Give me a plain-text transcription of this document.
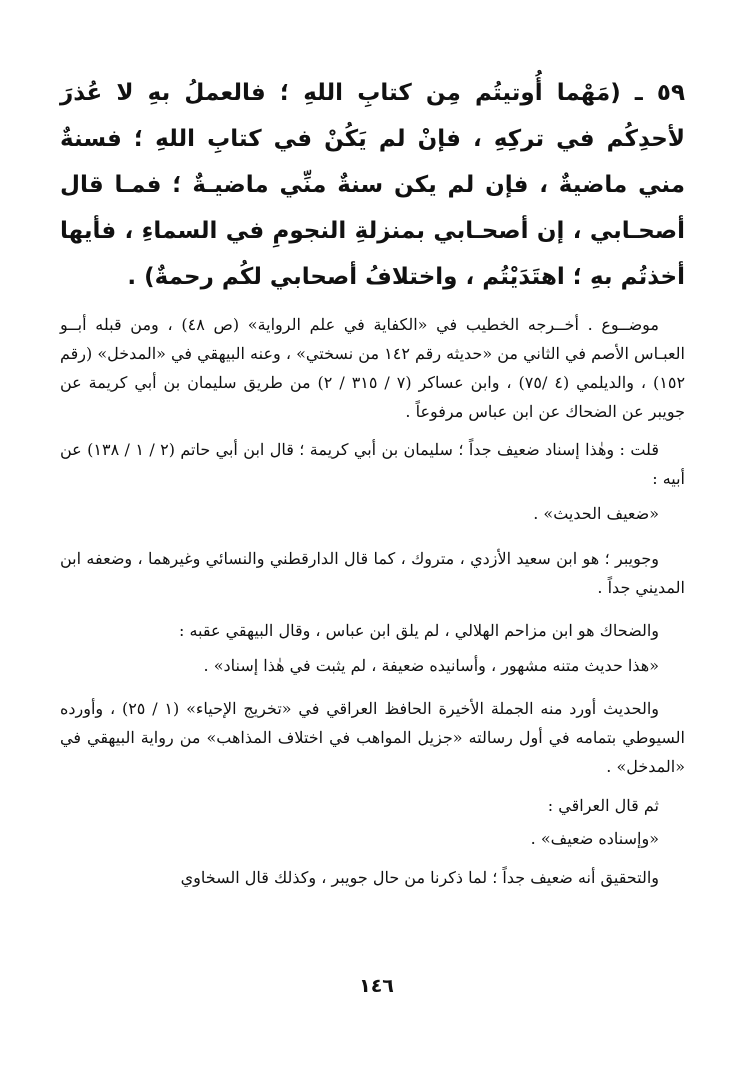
٥٩ ـ (مَهْما أُوتيتُم مِن كتابِ اللهِ ؛ فالعملُ بهِ لا عُذرَ لأحدِكُم في تركِهِ ، فإنْ لم يَكُنْ في كتابِ اللهِ ؛ فسنةٌ مني ماضيةٌ ، فإن لم يكن سنةٌ منِّي ماضيـةٌ ؛ فمـا قال أصحـابي ، إن أصحـابي بمنزلةِ النجومِ في السماءِ ، فأيها أخذتُم بهِ ؛ اهتَدَيْتُم ، واختلافُ أصحابي لكُم رحمةٌ) .

موضــوع . أخــرجه الخطيب في «الكفاية في علم الرواية» (ص ٤٨) ، ومن قبله أبــو العبـاس الأصم في الثاني من «حديثه رقم ١٤٢ من نسختي» ، وعنه البيهقي في «المدخل» (رقم ١٥٢) ، والديلمي (٤ /٧٥) ، وابن عساكر (٧ / ٣١٥ / ٢) من طريق سليمان بن أبي كريمة عن جويبر عن الضحاك عن ابن عباس مرفوعاً .

قلت : وهٰذا إسناد ضعيف جداً ؛ سليمان بن أبي كريمة ؛ قال ابن أبي حاتم (٢ / ١ / ١٣٨) عن أبيه :

«ضعيف الحديث» .

وجويبر ؛ هو ابن سعيد الأزدي ، متروك ، كما قال الدارقطني والنسائي وغيرهما ، وضعفه ابن المديني جداً .

والضحاك هو ابن مزاحم الهلالي ، لم يلق ابن عباس ، وقال البيهقي عقبه :

«هذا حديث متنه مشهور ، وأسانيده ضعيفة ، لم يثبت في هٰذا إسناد» .

والحديث أورد منه الجملة الأخيرة الحافظ العراقي في «تخريج الإحياء» (١ / ٢٥) ، وأورده السيوطي بتمامه في أول رسالته «جزيل المواهب في اختلاف المذاهب» من رواية البيهقي في «المدخل» .

ثم قال العراقي :

«وإسناده ضعيف» .

والتحقيق أنه ضعيف جداً ؛ لما ذكرنا من حال جويبر ، وكذلك قال السخاوي

١٤٦
